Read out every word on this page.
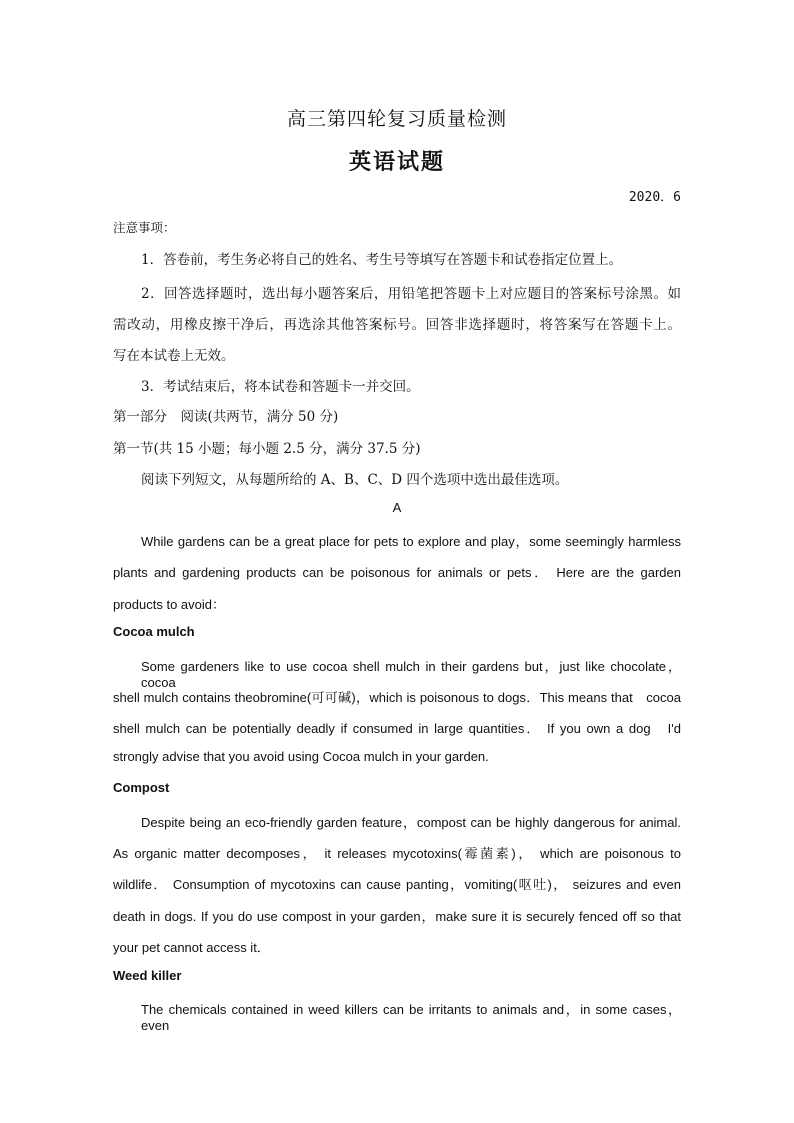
高三第四轮复习质量检测
英语试题
2020．6
注意事项：
1．答卷前，考生务必将自己的姓名、考生号等填写在答题卡和试卷指定位置上。
2．回答选择题时，选出每小题答案后，用铅笔把答题卡上对应题目的答案标号涂黑。如
需改动，用橡皮擦干净后，再选涂其他答案标号。回答非选择题时，将答案写在答题卡上。
写在本试卷上无效。
3．考试结束后，将本试卷和答题卡一并交回。
第一部分　阅读(共两节，满分 50 分)
第一节(共 15 小题；每小题 2.5 分，满分 37.5 分)
阅读下列短文，从每题所给的 A、B、C、D 四个选项中选出最佳选项。
A
While gardens can be a great place for pets to explore and play，some seemingly harmless
plants and gardening products can be poisonous for animals or pets． Here are the garden
products to avoid：
Cocoa mulch
Some gardeners like to use cocoa shell mulch in their gardens but，just like chocolate，cocoa
shell mulch contains theobromine(可可碱)，which is poisonous to dogs．This means that　cocoa
shell mulch can be potentially deadly if consumed in large quantities． If you own a dog　I'd
strongly advise that you avoid using Cocoa mulch in your garden.
Compost
Despite being an eco-friendly garden feature，compost can be highly dangerous for animal.
As organic matter decomposes， it releases mycotoxins(霉菌素)， which are poisonous to
wildlife． Consumption of mycotoxins can cause panting，vomiting(呕吐)， seizures and even
death in dogs. If you do use compost in your garden，make sure it is securely fenced off so that
your pet cannot access it．
Weed killer
The chemicals contained in weed killers can be irritants to animals and，in some cases，even
